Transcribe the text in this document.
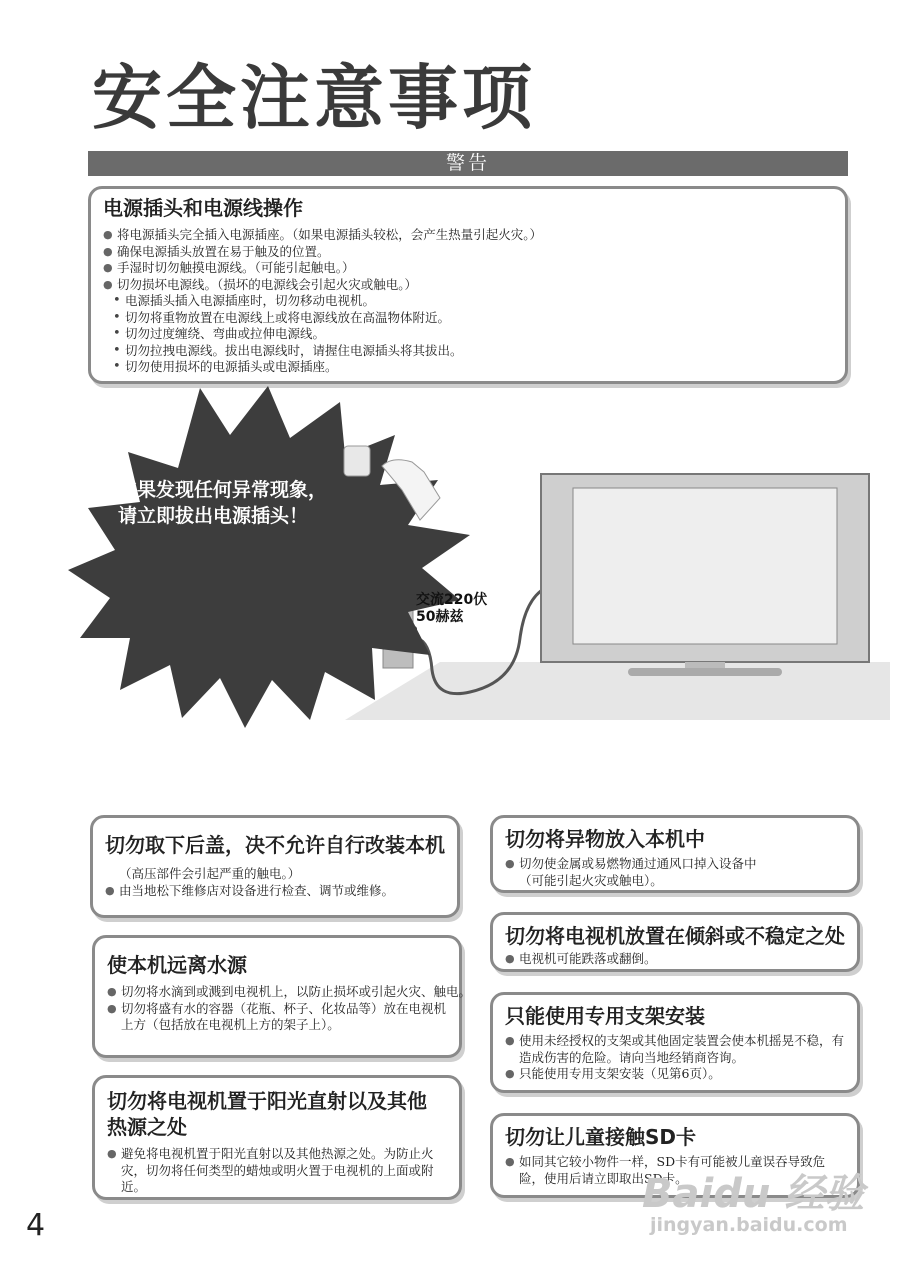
安全注意事项
警告
电源插头和电源线操作
● 将电源插头完全插入电源插座。（如果电源插头较松，会产生热量引起火灾。）
● 确保电源插头放置在易于触及的位置。
● 手湿时切勿触摸电源线。（可能引起触电。）
● 切勿损坏电源线。（损坏的电源线会引起火灾或触电。）
• 电源插头插入电源插座时，切勿移动电视机。
• 切勿将重物放置在电源线上或将电源线放在高温物体附近。
• 切勿过度缠绕、弯曲或拉伸电源线。
• 切勿拉拽电源线。拔出电源线时，请握住电源插头将其拔出。
• 切勿使用损坏的电源插头或电源插座。
如果发现任何异常现象，
请立即拔出电源插头！
交流220伏
50赫兹
切勿取下后盖，决不允许自行改装本机
（高压部件会引起严重的触电。）
● 由当地松下维修店对设备进行检查、调节或维修。
使本机远离水源
● 切勿将水滴到或溅到电视机上，以防止损坏或引起火灾、触电。
● 切勿将盛有水的容器（花瓶、杯子、化妆品等）放在电视机上方（包括放在电视机上方的架子上）。
切勿将电视机置于阳光直射以及其他
热源之处
● 避免将电视机置于阳光直射以及其他热源之处。为防止火灾，切勿将任何类型的蜡烛或明火置于电视机的上面或附近。
切勿将异物放入本机中
● 切勿使金属或易燃物通过通风口掉入设备中
（可能引起火灾或触电）。
切勿将电视机放置在倾斜或不稳定之处
● 电视机可能跌落或翻倒。
只能使用专用支架安装
● 使用未经授权的支架或其他固定装置会使本机摇晃不稳，有造成伤害的危险。请向当地经销商咨询。
● 只能使用专用支架安装（见第6页）。
切勿让儿童接触SD卡
● 如同其它较小物件一样，SD卡有可能被儿童误吞导致危险，使用后请立即取出SD卡。
4
Baidu 经验
jingyan.baidu.com
